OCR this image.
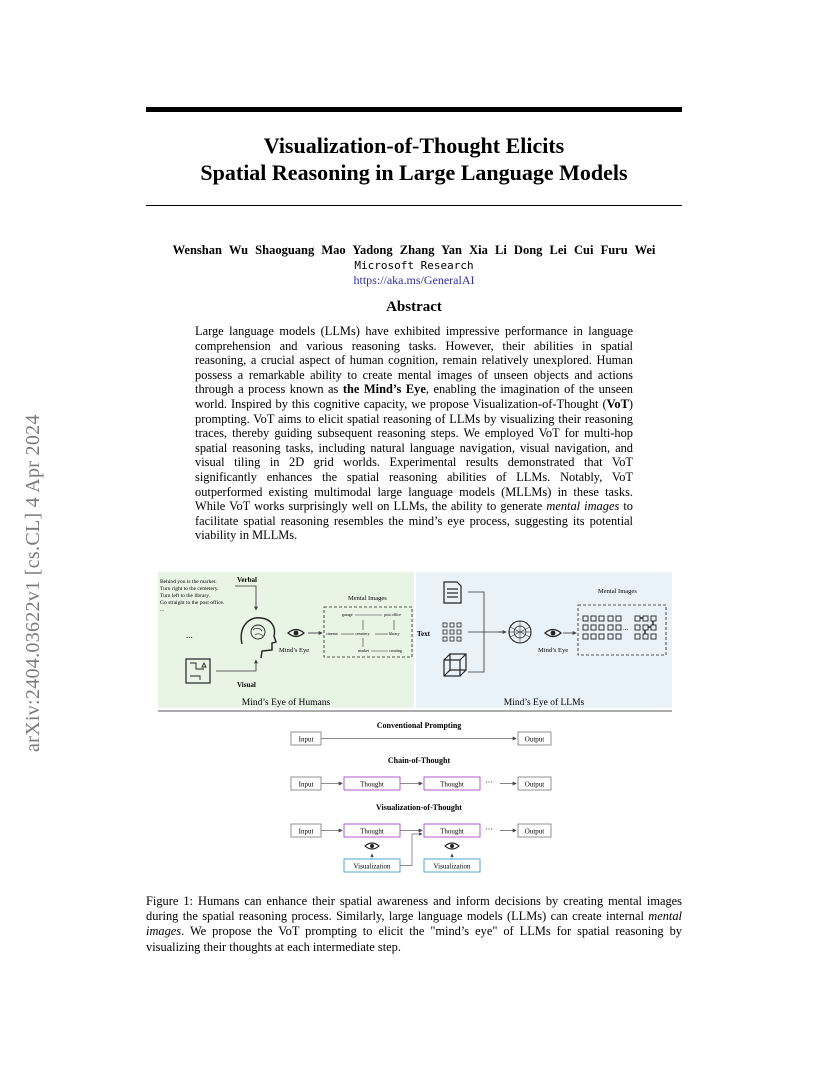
arXiv:2404.03622v1 [cs.CL] 4 Apr 2024
Visualization-of-Thought Elicits
Spatial Reasoning in Large Language Models
Wenshan Wu Shaoguang Mao Yadong Zhang Yan Xia Li Dong Lei Cui Furu Wei
Microsoft Research
https://aka.ms/GeneralAI
Abstract
Large language models (LLMs) have exhibited impressive performance in language comprehension and various reasoning tasks. However, their abilities in spatial reasoning, a crucial aspect of human cognition, remain relatively unexplored. Human possess a remarkable ability to create mental images of unseen objects and actions through a process known as the Mind’s Eye, enabling the imagination of the unseen world. Inspired by this cognitive capacity, we propose Visualization-of-Thought (VoT) prompting. VoT aims to elicit spatial reasoning of LLMs by visualizing their reasoning traces, thereby guiding subsequent reasoning steps. We employed VoT for multi-hop spatial reasoning tasks, including natural language navigation, visual navigation, and visual tiling in 2D grid worlds. Experimental results demonstrated that VoT significantly enhances the spatial reasoning abilities of LLMs. Notably, VoT outperformed existing multimodal large language models (MLLMs) in these tasks. While VoT works surprisingly well on LLMs, the ability to generate mental images to facilitate spatial reasoning resembles the mind’s eye process, suggesting its potential viability in MLLMs.
Behind you is the market.
Turn right to the cemetery.
Turn left to the library.
Go straight to the post office.
...
Verbal
...
Mind’s Eye
Mental Images
garage	post office
cinema	cemetery	library
market	creating
Visual
Mind’s Eye of Humans
Text
Mind’s Eye
Mental Images
...
Mind’s Eye of LLMs
Conventional Prompting
Input	Output
Chain-of-Thought
Input	Thought	Thought	···	Output
Visualization-of-Thought
Input	Thought	Thought	···	Output
Visualization	Visualization
Figure 1: Humans can enhance their spatial awareness and inform decisions by creating mental images during the spatial reasoning process. Similarly, large language models (LLMs) can create internal mental images. We propose the VoT prompting to elicit the "mind’s eye" of LLMs for spatial reasoning by visualizing their thoughts at each intermediate step.
